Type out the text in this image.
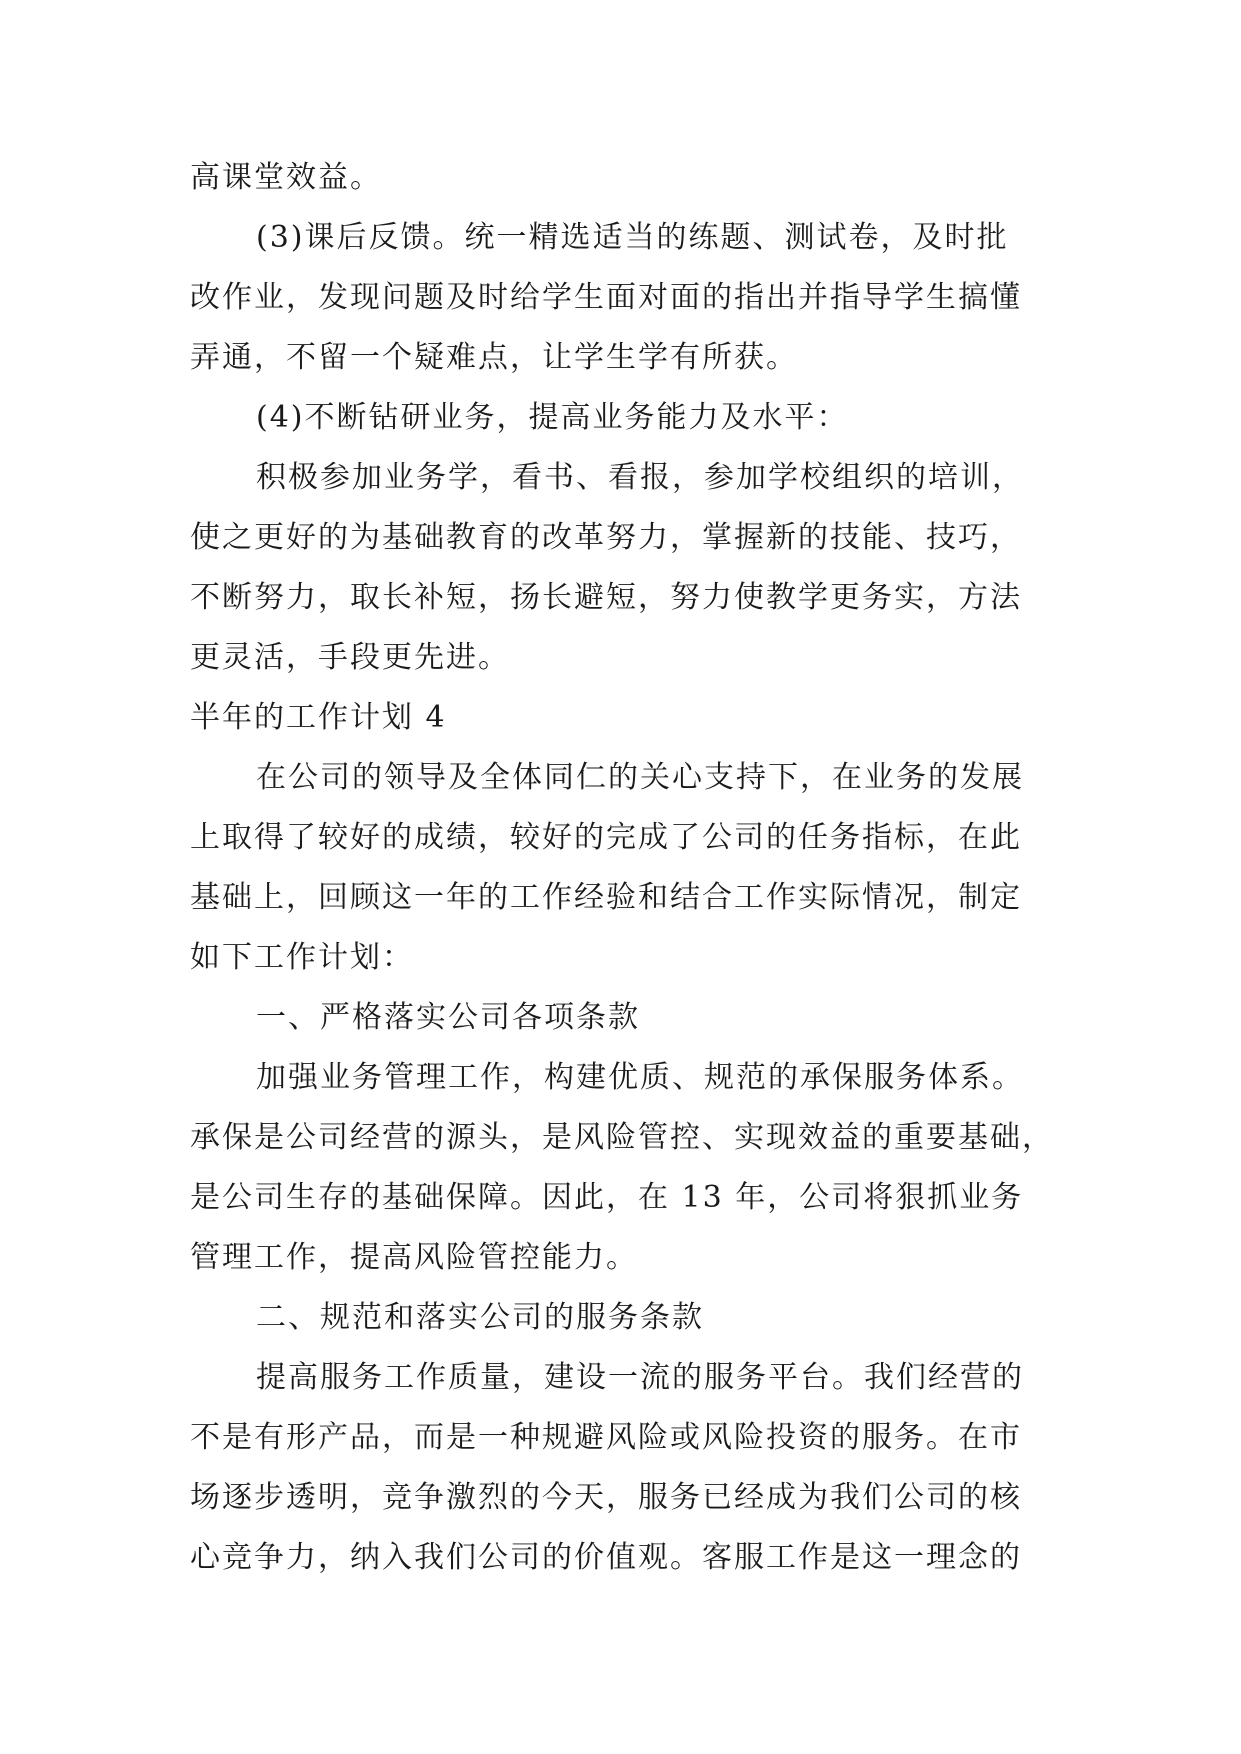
高课堂效益。
(3)课后反馈。统一精选适当的练题、测试卷，及时批
改作业，发现问题及时给学生面对面的指出并指导学生搞懂
弄通，不留一个疑难点，让学生学有所获。
(4)不断钻研业务，提高业务能力及水平：
积极参加业务学，看书、看报，参加学校组织的培训，
使之更好的为基础教育的改革努力，掌握新的技能、技巧，
不断努力，取长补短，扬长避短，努力使教学更务实，方法
更灵活，手段更先进。
半年的工作计划 4
在公司的领导及全体同仁的关心支持下，在业务的发展
上取得了较好的成绩，较好的完成了公司的任务指标，在此
基础上，回顾这一年的工作经验和结合工作实际情况，制定
如下工作计划：
一、严格落实公司各项条款
加强业务管理工作，构建优质、规范的承保服务体系。
承保是公司经营的源头，是风险管控、实现效益的重要基础，
是公司生存的基础保障。因此，在 13 年，公司将狠抓业务
管理工作，提高风险管控能力。
二、规范和落实公司的服务条款
提高服务工作质量，建设一流的服务平台。我们经营的
不是有形产品，而是一种规避风险或风险投资的服务。在市
场逐步透明，竞争激烈的今天，服务已经成为我们公司的核
心竞争力，纳入我们公司的价值观。客服工作是这一理念的
